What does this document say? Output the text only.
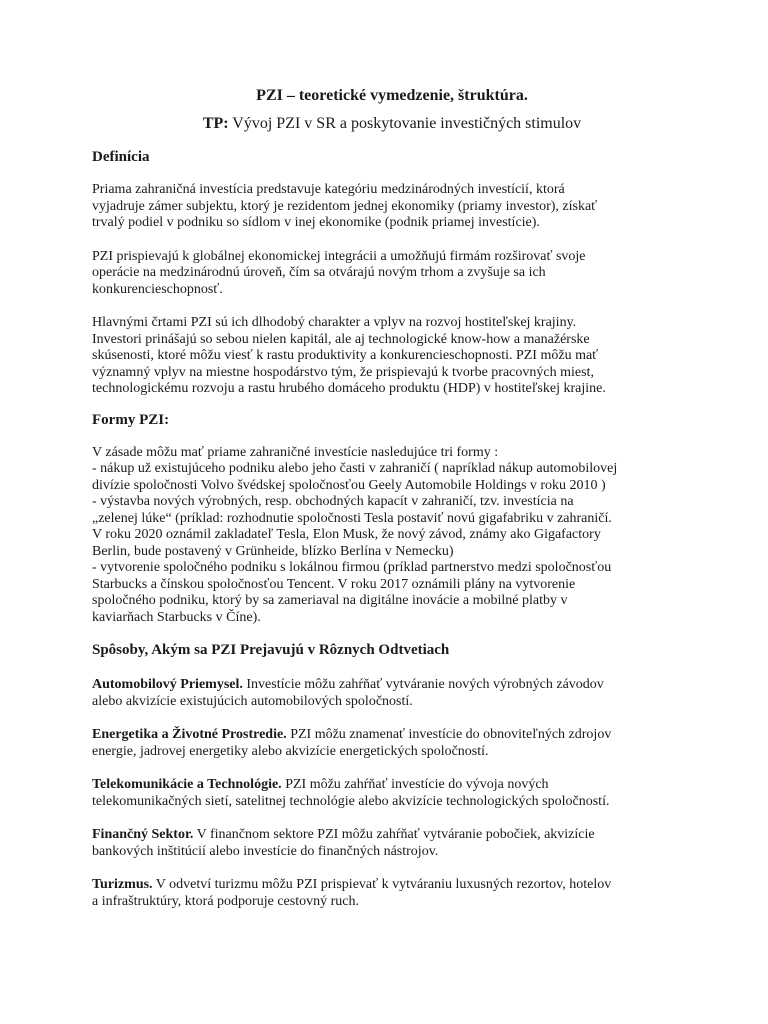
PZI – teoretické vymedzenie, štruktúra.

TP: Vývoj PZI v SR a poskytovanie investičných stimulov

Definícia

Priama zahraničná investícia predstavuje kategóriu medzinárodných investícií, ktorá
vyjadruje zámer subjektu, ktorý je rezidentom jednej ekonomiky (priamy investor), získať
trvalý podiel v podniku so sídlom v inej ekonomike (podnik priamej investície).

PZI prispievajú k globálnej ekonomickej integrácii a umožňujú firmám rozširovať svoje
operácie na medzinárodnú úroveň, čím sa otvárajú novým trhom a zvyšuje sa ich
konkurencieschopnosť.

Hlavnými črtami PZI sú ich dlhodobý charakter a vplyv na rozvoj hostiteľskej krajiny.
Investori prinášajú so sebou nielen kapitál, ale aj technologické know-how a manažérske
skúsenosti, ktoré môžu viesť k rastu produktivity a konkurencieschopnosti. PZI môžu mať
významný vplyv na miestne hospodárstvo tým, že prispievajú k tvorbe pracovných miest,
technologickému rozvoju a rastu hrubého domáceho produktu (HDP) v hostiteľskej krajine.

Formy PZI:

V zásade môžu mať priame zahraničné investície nasledujúce tri formy :
- nákup už existujúceho podniku alebo jeho časti v zahraničí ( napríklad nákup automobilovej
divízie spoločnosti Volvo švédskej spoločnosťou Geely Automobile Holdings v roku 2010 )
- výstavba nových výrobných, resp. obchodných kapacít v zahraničí, tzv. investícia na
„zelenej lúke“ (príklad: rozhodnutie spoločnosti Tesla postaviť novú gigafabriku v zahraničí.
V roku 2020 oznámil zakladateľ Tesla, Elon Musk, že nový závod, známy ako Gigafactory
Berlin, bude postavený v Grünheide, blízko Berlína v Nemecku)
- vytvorenie spoločného podniku s lokálnou firmou (príklad partnerstvo medzi spoločnosťou
Starbucks a čínskou spoločnosťou Tencent. V roku 2017 oznámili plány na vytvorenie
spoločného podniku, ktorý by sa zameriaval na digitálne inovácie a mobilné platby v
kaviarňach Starbucks v Číne).

Spôsoby, Akým sa PZI Prejavujú v Rôznych Odtvetiach

Automobilový Priemysel. Investície môžu zahŕňať vytváranie nových výrobných závodov
alebo akvizície existujúcich automobilových spoločností.

Energetika a Životné Prostredie. PZI môžu znamenať investície do obnoviteľných zdrojov
energie, jadrovej energetiky alebo akvizície energetických spoločností.

Telekomunikácie a Technológie. PZI môžu zahŕňať investície do vývoja nových
telekomunikačných sietí, satelitnej technológie alebo akvizície technologických spoločností.

Finančný Sektor. V finančnom sektore PZI môžu zahŕňať vytváranie pobočiek, akvizície
bankových inštitúcií alebo investície do finančných nástrojov.

Turizmus. V odvetví turizmu môžu PZI prispievať k vytváraniu luxusných rezortov, hotelov
a infraštruktúry, ktorá podporuje cestovný ruch.
